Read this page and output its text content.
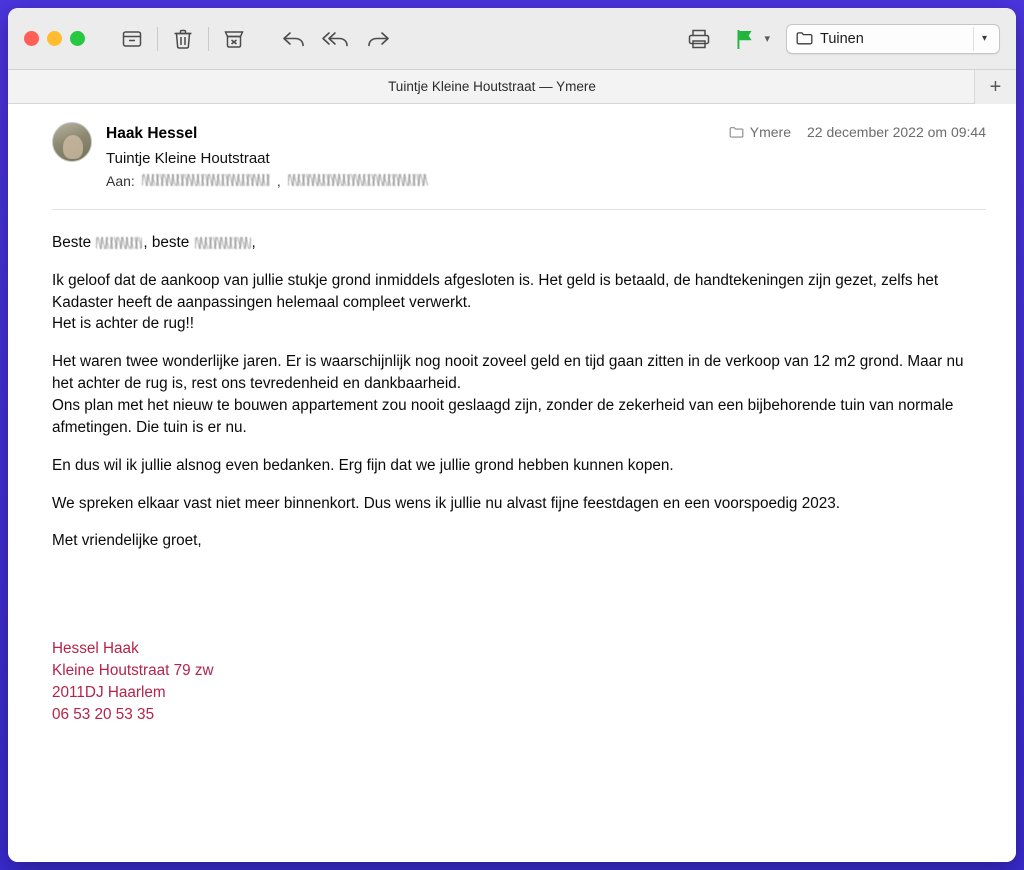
▾	Tuinen	▾
Tuintje Kleine Houtstraat — Ymere	+
Haak Hessel
Tuintje Kleine Houtstraat
Aan:	,
Ymere 22 december 2022 om 09:44

Beste	, beste	,

Ik geloof dat de aankoop van jullie stukje grond inmiddels afgesloten is. Het geld is betaald, de handtekeningen zijn gezet, zelfs het Kadaster heeft de aanpassingen helemaal compleet verwerkt.

Het is achter de rug!!

Het waren twee wonderlijke jaren. Er is waarschijnlijk nog nooit zoveel geld en tijd gaan zitten in de verkoop van 12 m2 grond. Maar nu het achter de rug is, rest ons tevredenheid en dankbaarheid.

Ons plan met het nieuw te bouwen appartement zou nooit geslaagd zijn, zonder de zekerheid van een bijbehorende tuin van normale afmetingen. Die tuin is er nu.

En dus wil ik jullie alsnog even bedanken. Erg fijn dat we jullie grond hebben kunnen kopen.

We spreken elkaar vast niet meer binnenkort. Dus wens ik jullie nu alvast fijne feestdagen en een voorspoedig 2023.

Met vriendelijke groet,

Hessel Haak
Kleine Houtstraat 79 zw
2011DJ Haarlem
06 53 20 53 35
